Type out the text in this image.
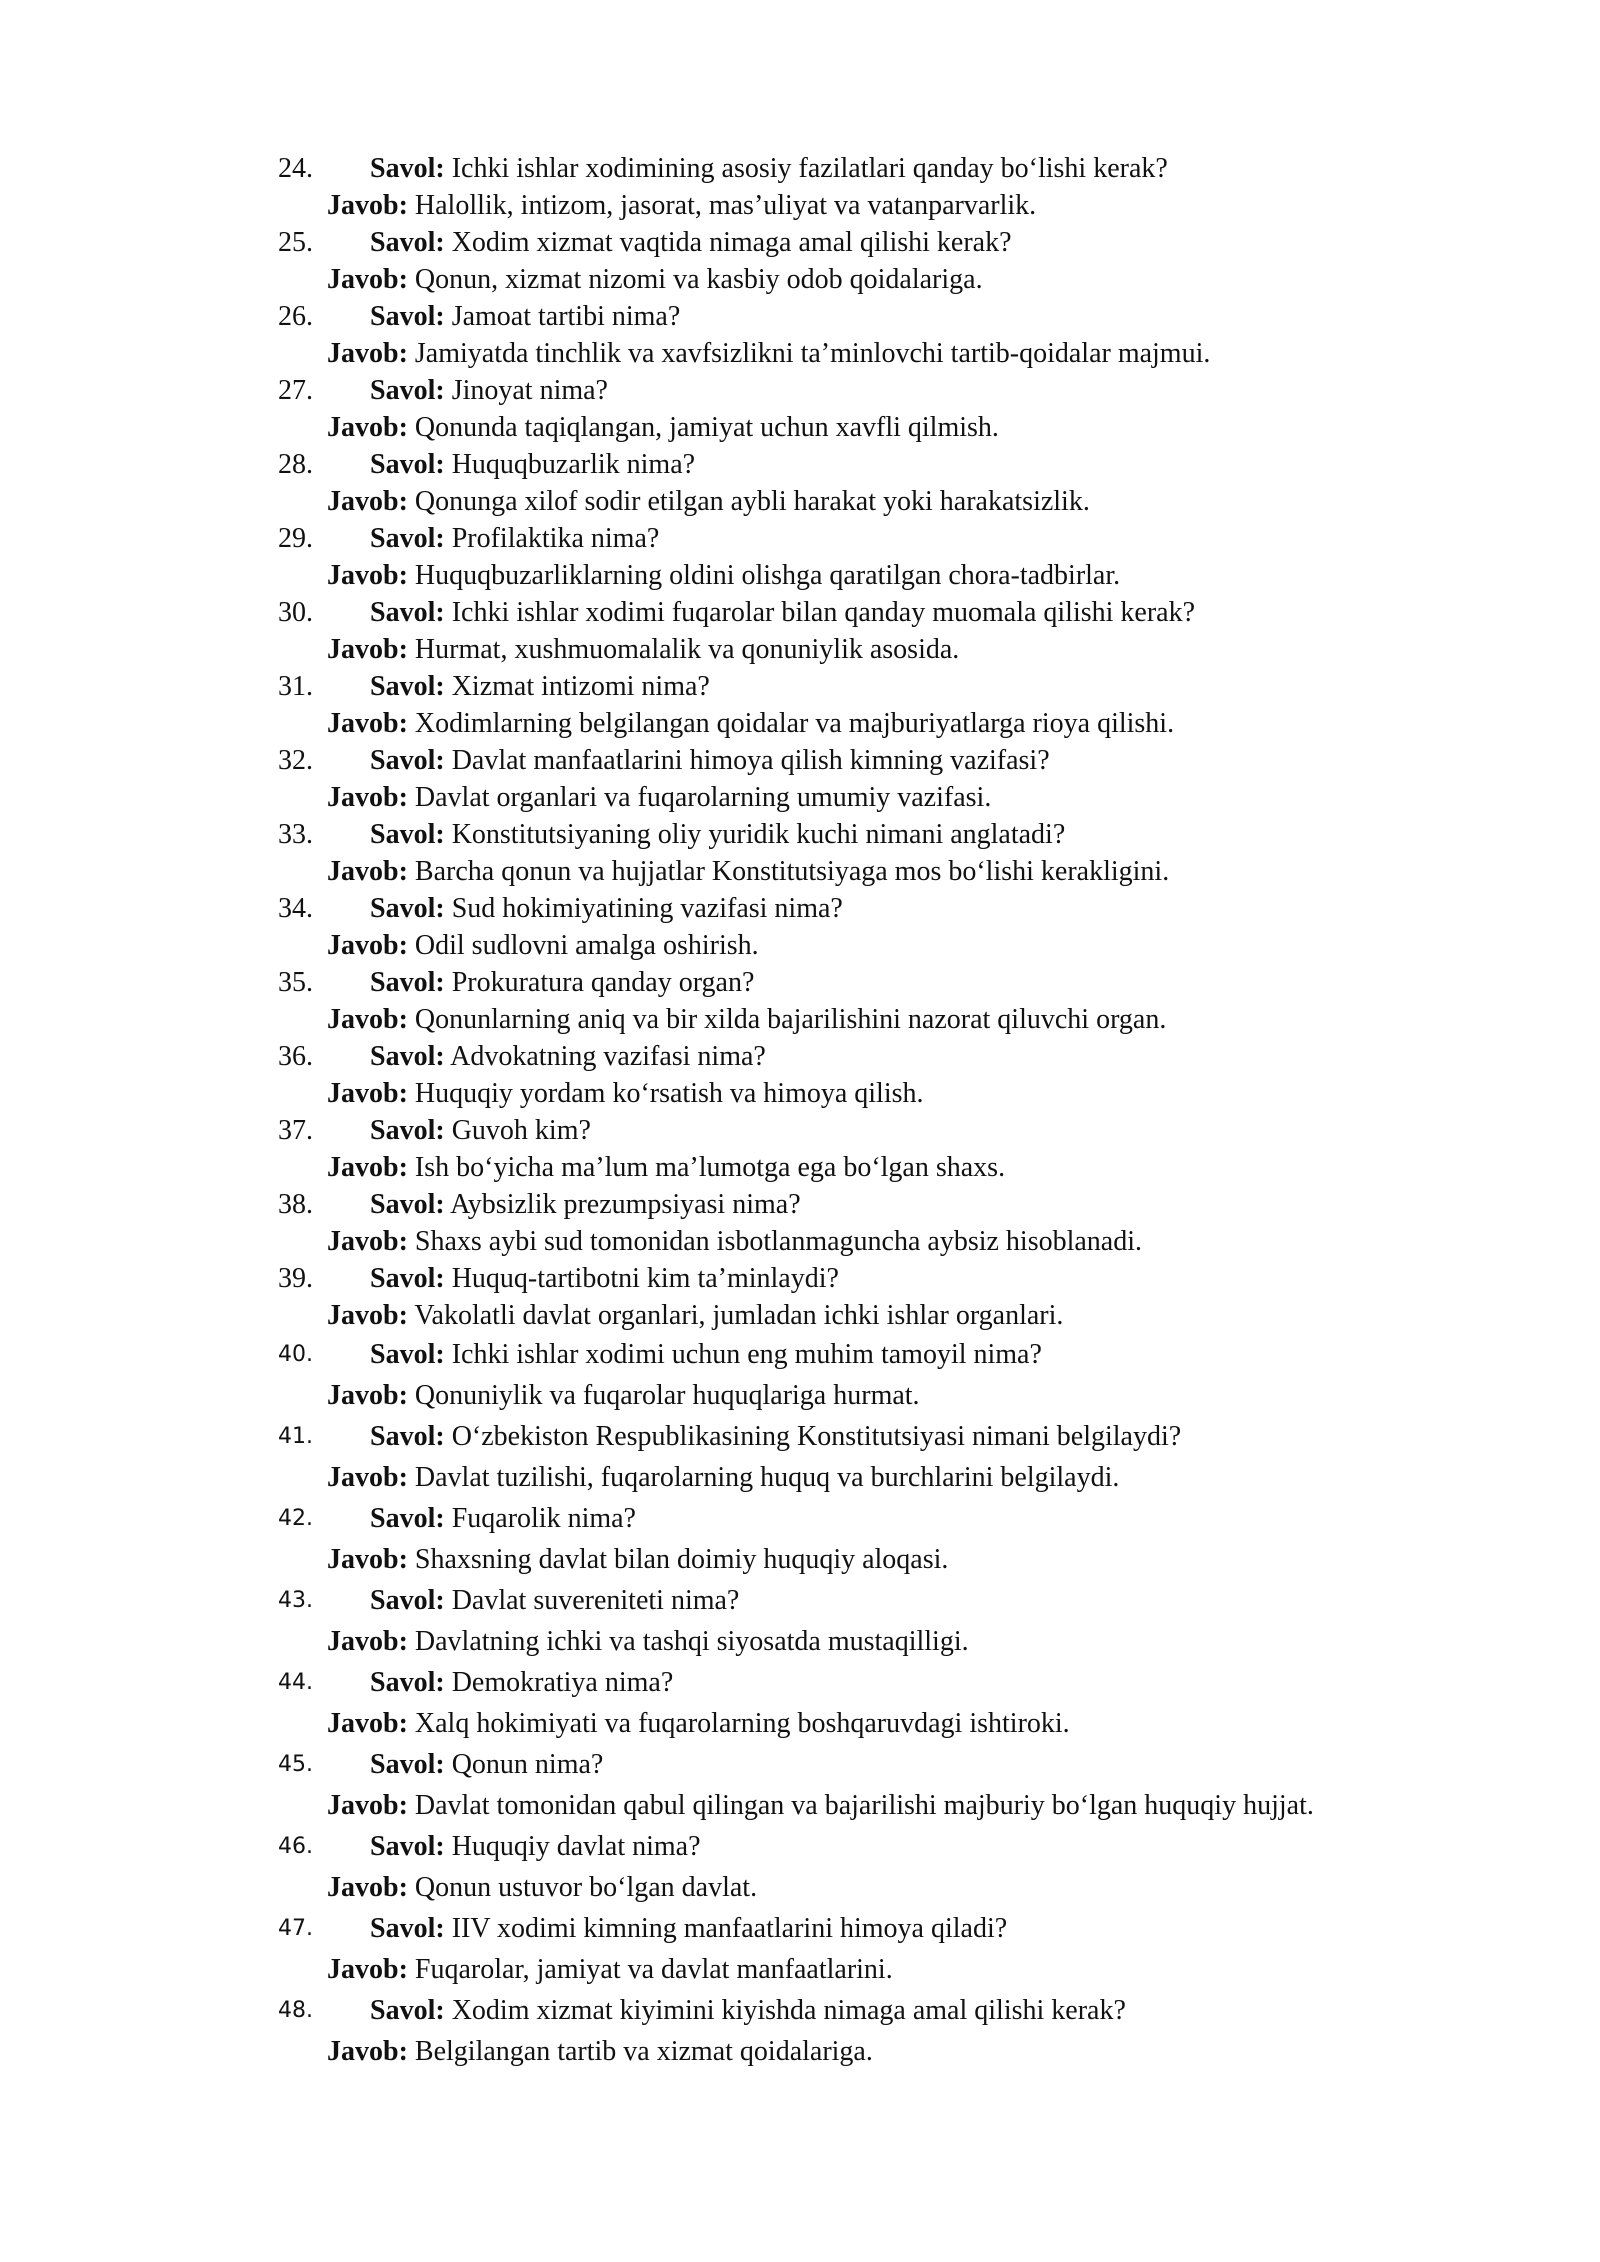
24. Savol: Ichki ishlar xodimining asosiy fazilatlari qanday bo‘lishi kerak?
Javob: Halollik, intizom, jasorat, mas’uliyat va vatanparvarlik.
25. Savol: Xodim xizmat vaqtida nimaga amal qilishi kerak?
Javob: Qonun, xizmat nizomi va kasbiy odob qoidalariga.
26. Savol: Jamoat tartibi nima?
Javob: Jamiyatda tinchlik va xavfsizlikni ta’minlovchi tartib-qoidalar majmui.
27. Savol: Jinoyat nima?
Javob: Qonunda taqiqlangan, jamiyat uchun xavfli qilmish.
28. Savol: Huquqbuzarlik nima?
Javob: Qonunga xilof sodir etilgan aybli harakat yoki harakatsizlik.
29. Savol: Profilaktika nima?
Javob: Huquqbuzarliklarning oldini olishga qaratilgan chora-tadbirlar.
30. Savol: Ichki ishlar xodimi fuqarolar bilan qanday muomala qilishi kerak?
Javob: Hurmat, xushmuomalalik va qonuniylik asosida.
31. Savol: Xizmat intizomi nima?
Javob: Xodimlarning belgilangan qoidalar va majburiyatlarga rioya qilishi.
32. Savol: Davlat manfaatlarini himoya qilish kimning vazifasi?
Javob: Davlat organlari va fuqarolarning umumiy vazifasi.
33. Savol: Konstitutsiyaning oliy yuridik kuchi nimani anglatadi?
Javob: Barcha qonun va hujjatlar Konstitutsiyaga mos bo‘lishi kerakligini.
34. Savol: Sud hokimiyatining vazifasi nima?
Javob: Odil sudlovni amalga oshirish.
35. Savol: Prokuratura qanday organ?
Javob: Qonunlarning aniq va bir xilda bajarilishini nazorat qiluvchi organ.
36. Savol: Advokatning vazifasi nima?
Javob: Huquqiy yordam ko‘rsatish va himoya qilish.
37. Savol: Guvoh kim?
Javob: Ish bo‘yicha ma’lum ma’lumotga ega bo‘lgan shaxs.
38. Savol: Aybsizlik prezumpsiyasi nima?
Javob: Shaxs aybi sud tomonidan isbotlanmaguncha aybsiz hisoblanadi.
39. Savol: Huquq-tartibotni kim ta’minlaydi?
Javob: Vakolatli davlat organlari, jumladan ichki ishlar organlari.
40. Savol: Ichki ishlar xodimi uchun eng muhim tamoyil nima?
Javob: Qonuniylik va fuqarolar huquqlariga hurmat.
41. Savol: O‘zbekiston Respublikasining Konstitutsiyasi nimani belgilaydi?
Javob: Davlat tuzilishi, fuqarolarning huquq va burchlarini belgilaydi.
42. Savol: Fuqarolik nima?
Javob: Shaxsning davlat bilan doimiy huquqiy aloqasi.
43. Savol: Davlat suvereniteti nima?
Javob: Davlatning ichki va tashqi siyosatda mustaqilligi.
44. Savol: Demokratiya nima?
Javob: Xalq hokimiyati va fuqarolarning boshqaruvdagi ishtiroki.
45. Savol: Qonun nima?
Javob: Davlat tomonidan qabul qilingan va bajarilishi majburiy bo‘lgan huquqiy hujjat.
46. Savol: Huquqiy davlat nima?
Javob: Qonun ustuvor bo‘lgan davlat.
47. Savol: IIV xodimi kimning manfaatlarini himoya qiladi?
Javob: Fuqarolar, jamiyat va davlat manfaatlarini.
48. Savol: Xodim xizmat kiyimini kiyishda nimaga amal qilishi kerak?
Javob: Belgilangan tartib va xizmat qoidalariga.
